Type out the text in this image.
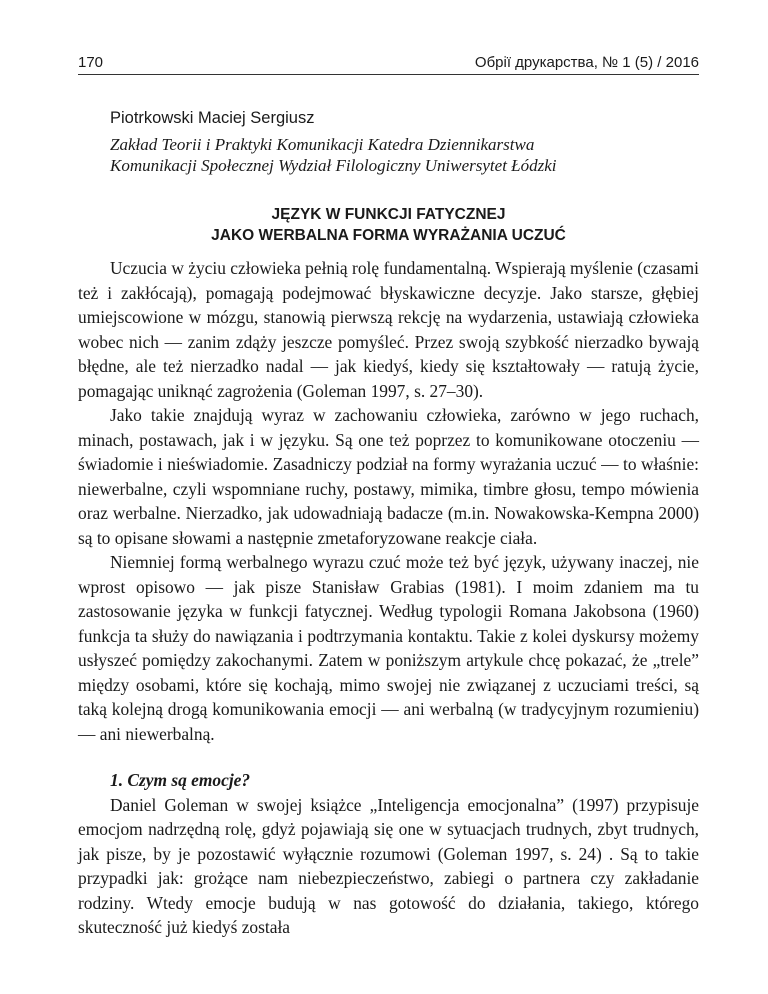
170	Обрії друкарства, № 1 (5) / 2016

Piotrkowski Maciej Sergiusz

Zakład Teorii i Praktyki Komunikacji Katedra Dziennikarstwa

Komunikacji Społecznej Wydział Filologiczny Uniwersytet Łódzki

JĘZYK W FUNKCJI FATYCZNEJ
JAKO WERBALNA FORMA WYRAŻANIA UCZUĆ

Uczucia w życiu człowieka pełnią rolę fundamentalną. Wspierają myślenie (czasami też i zakłócają), pomagają podejmować błyskawiczne decyzje. Jako starsze, głębiej umiejscowione w mózgu, stanowią pierwszą rekcję na wydarzenia, ustawiają człowieka wobec nich — zanim zdąży jeszcze pomyśleć. Przez swoją szybkość nierzadko bywają błędne, ale też nierzadko nadal — jak kiedyś, kiedy się kształtowały — ratują życie, pomagając uniknąć zagrożenia (Goleman 1997, s. 27–30).

Jako takie znajdują wyraz w zachowaniu człowieka, zarówno w jego ruchach, minach, postawach, jak i w języku. Są one też poprzez to komunikowane otoczeniu — świadomie i nieświadomie. Zasadniczy podział na formy wyrażania uczuć — to właśnie: niewerbalne, czyli wspomniane ruchy, postawy, mimika, timbre głosu, tempo mówienia oraz werbalne. Nierzadko, jak udowadniają badacze (m.in. Nowakowska-Kempna 2000) są to opisane słowami a następnie zmetaforyzowane reakcje ciała.

Niemniej formą werbalnego wyrazu czuć może też być język, używany inaczej, nie wprost opisowo — jak pisze Stanisław Grabias (1981). I moim zdaniem ma tu zastosowanie języka w funkcji fatycznej. Według typologii Romana Jakobsona (1960) funkcja ta służy do nawiązania i podtrzymania kontaktu. Takie z kolei dyskursy możemy usłyszeć pomiędzy zakochanymi. Zatem w poniższym artykule chcę pokazać, że „trele” między osobami, które się kochają, mimo swojej nie związanej z uczuciami treści, są taką kolejną drogą komunikowania emocji — ani werbalną (w tradycyjnym rozumieniu) — ani niewerbalną.

1. Czym są emocje?

Daniel Goleman w swojej książce „Inteligencja emocjonalna” (1997) przypisuje emocjom nadrzędną rolę, gdyż pojawiają się one w sytuacjach trudnych, zbyt trudnych, jak pisze, by je pozostawić wyłącznie rozumowi (Goleman 1997, s. 24) . Są to takie przypadki jak: grożące nam niebezpieczeństwo, zabiegi o partnera czy zakładanie rodziny. Wtedy emocje budują w nas gotowość do działania, takiego, którego skuteczność już kiedyś została
